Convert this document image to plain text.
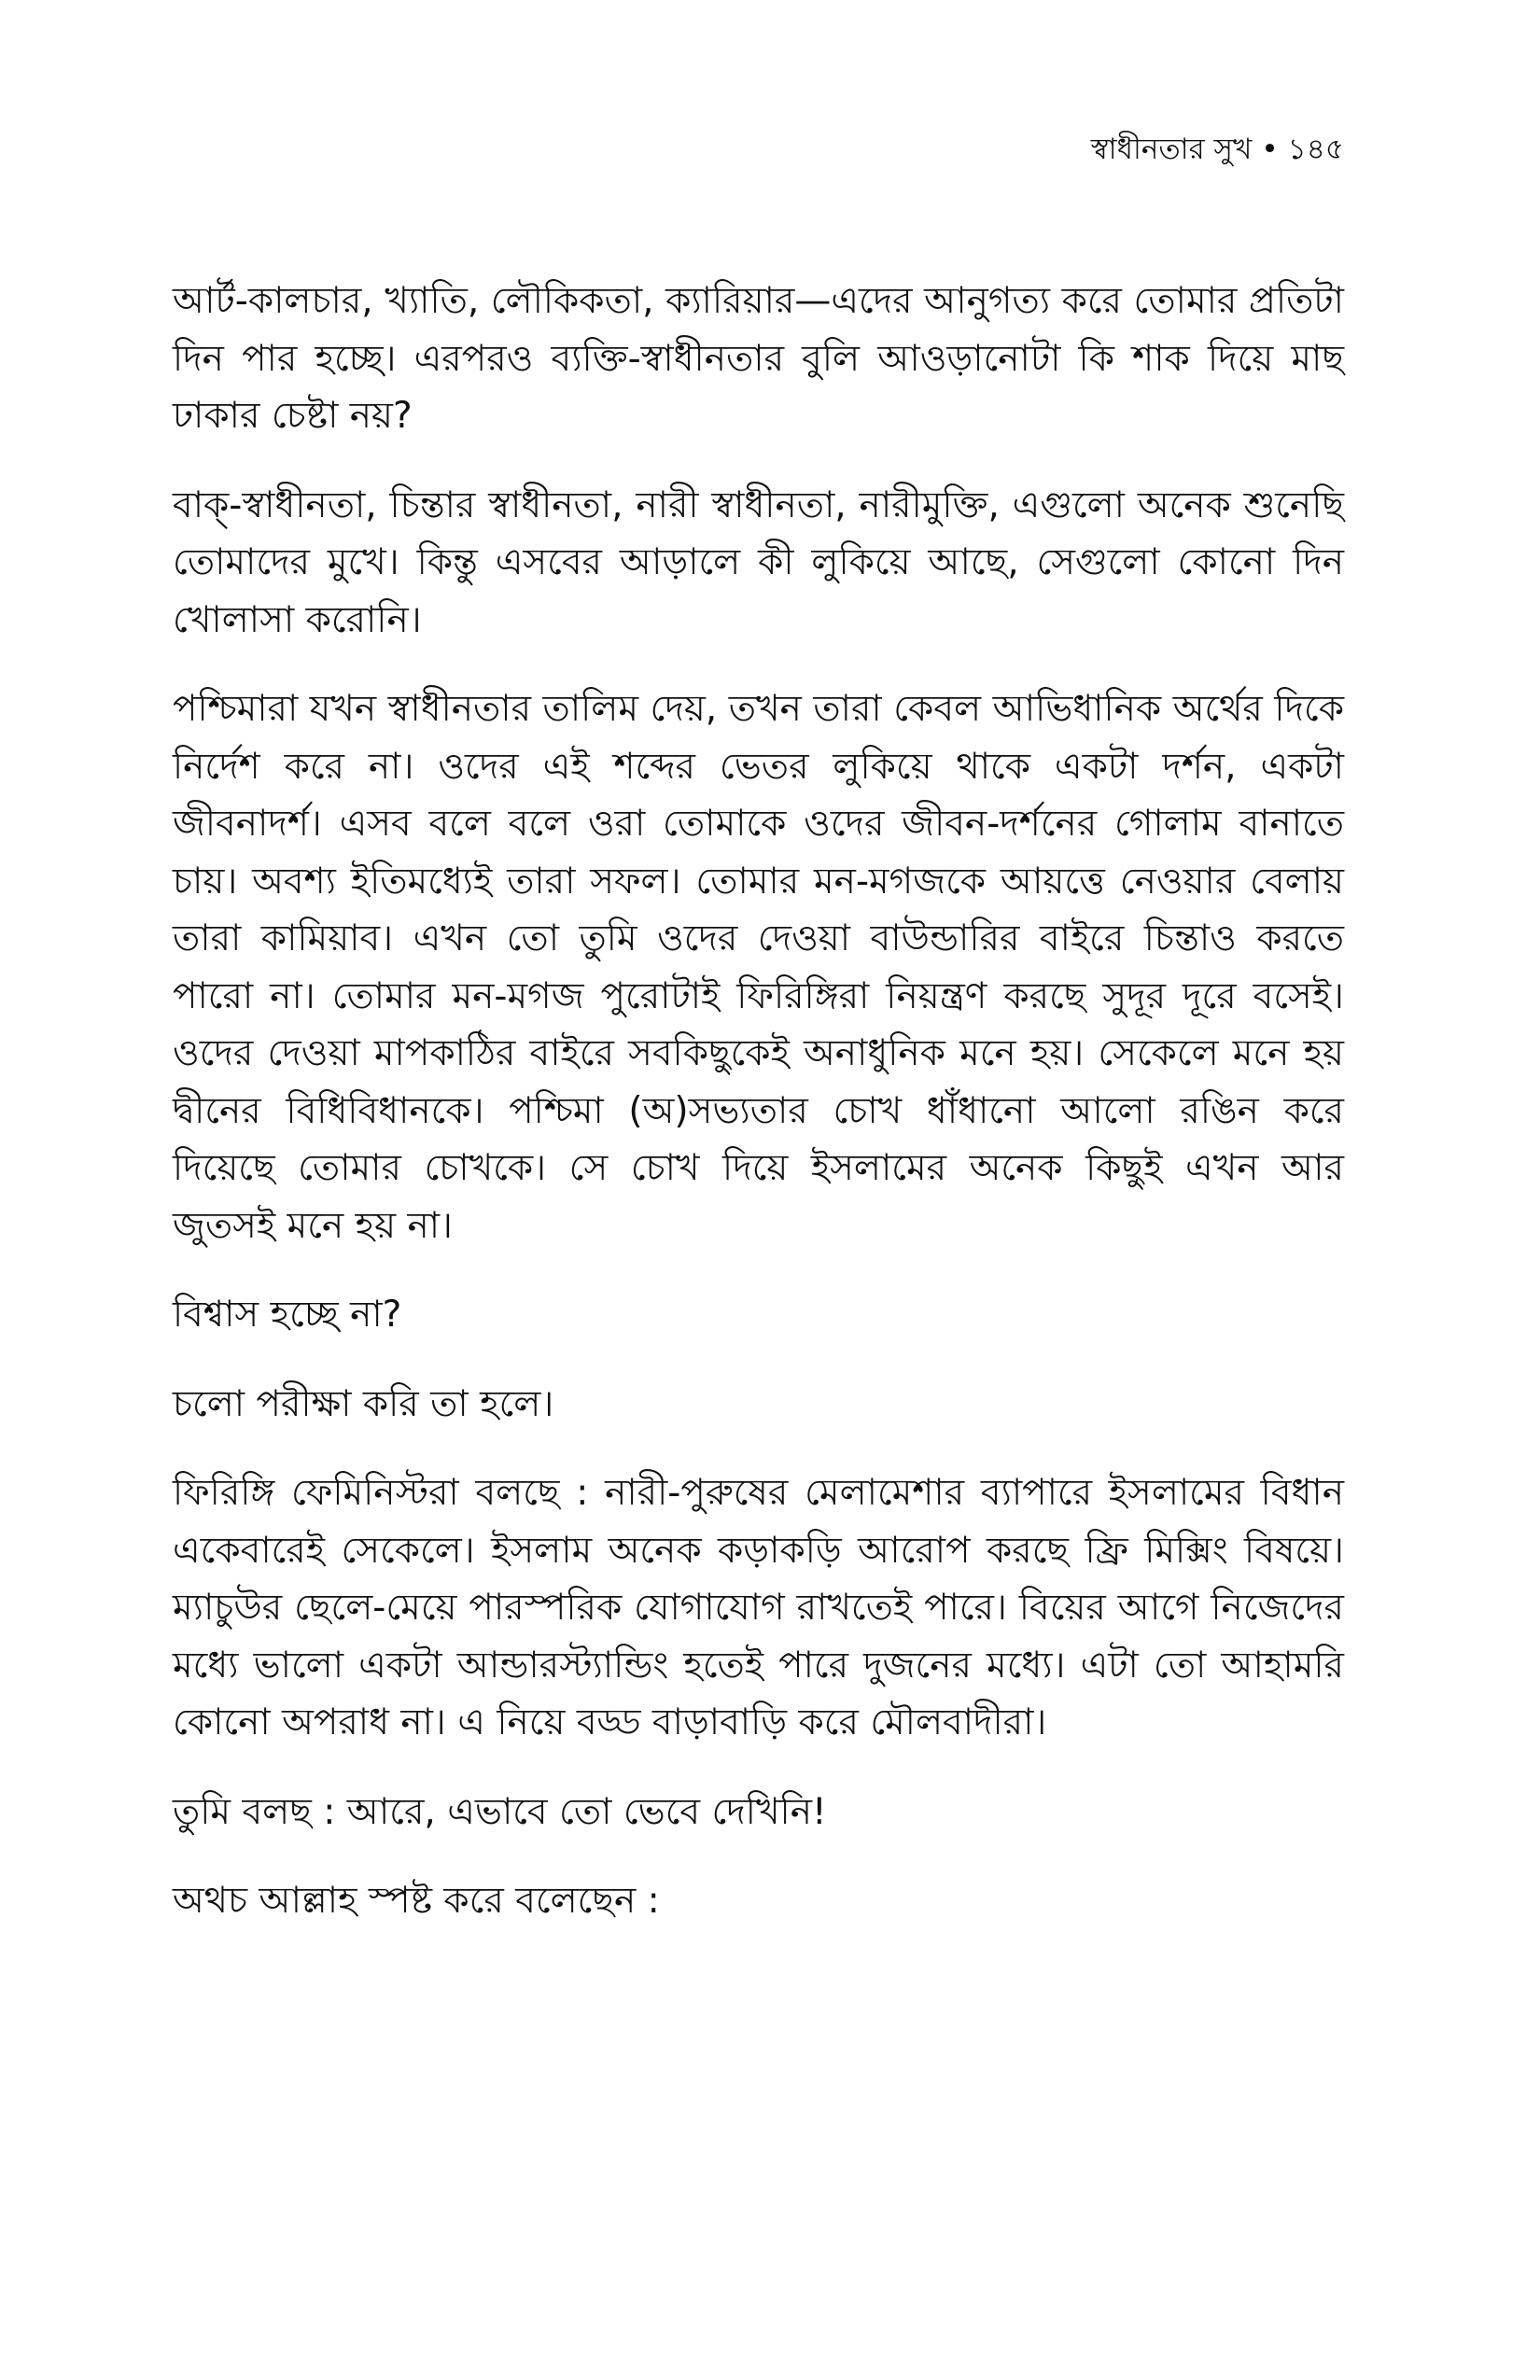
স্বাধীনতার সুখ • ১৪৫

আর্ট-কালচার, খ্যাতি, লৌকিকতা, ক্যারিয়ার—এদের আনুগত্য করে তোমার প্রতিটা দিন পার হচ্ছে। এরপরও ব্যক্তি-স্বাধীনতার বুলি আওড়ানোটা কি শাক দিয়ে মাছ ঢাকার চেষ্টা নয়?

বাক্-স্বাধীনতা, চিন্তার স্বাধীনতা, নারী স্বাধীনতা, নারীমুক্তি, এগুলো অনেক শুনেছি তোমাদের মুখে। কিন্তু এসবের আড়ালে কী লুকিয়ে আছে, সেগুলো কোনো দিন খোলাসা করোনি।

পশ্চিমারা যখন স্বাধীনতার তালিম দেয়, তখন তারা কেবল আভিধানিক অর্থের দিকে নির্দেশ করে না। ওদের এই শব্দের ভেতর লুকিয়ে থাকে একটা দর্শন, একটা জীবনাদর্শ। এসব বলে বলে ওরা তোমাকে ওদের জীবন-দর্শনের গোলাম বানাতে চায়। অবশ্য ইতিমধ্যেই তারা সফল। তোমার মন-মগজকে আয়ত্তে নেওয়ার বেলায় তারা কামিয়াব। এখন তো তুমি ওদের দেওয়া বাউন্ডারির বাইরে চিন্তাও করতে পারো না। তোমার মন-মগজ পুরোটাই ফিরিঙ্গিরা নিয়ন্ত্রণ করছে সুদূর দূরে বসেই। ওদের দেওয়া মাপকাঠির বাইরে সবকিছুকেই অনাধুনিক মনে হয়। সেকেলে মনে হয় দ্বীনের বিধিবিধানকে। পশ্চিমা (অ)সভ্যতার চোখ ধাঁধানো আলো রঙিন করে দিয়েছে তোমার চোখকে। সে চোখ দিয়ে ইসলামের অনেক কিছুই এখন আর জুতসই মনে হয় না।

বিশ্বাস হচ্ছে না?

চলো পরীক্ষা করি তা হলে।

ফিরিঙ্গি ফেমিনিস্টরা বলছে : নারী-পুরুষের মেলামেশার ব্যাপারে ইসলামের বিধান একেবারেই সেকেলে। ইসলাম অনেক কড়াকড়ি আরোপ করছে ফ্রি মিক্সিং বিষয়ে। ম্যাচুউর ছেলে-মেয়ে পারস্পরিক যোগাযোগ রাখতেই পারে। বিয়ের আগে নিজেদের মধ্যে ভালো একটা আন্ডারস্ট্যান্ডিং হতেই পারে দুজনের মধ্যে। এটা তো আহামরি কোনো অপরাধ না। এ নিয়ে বড্ড বাড়াবাড়ি করে মৌলবাদীরা।

তুমি বলছ : আরে, এভাবে তো ভেবে দেখিনি!

অথচ আল্লাহ স্পষ্ট করে বলেছেন :
